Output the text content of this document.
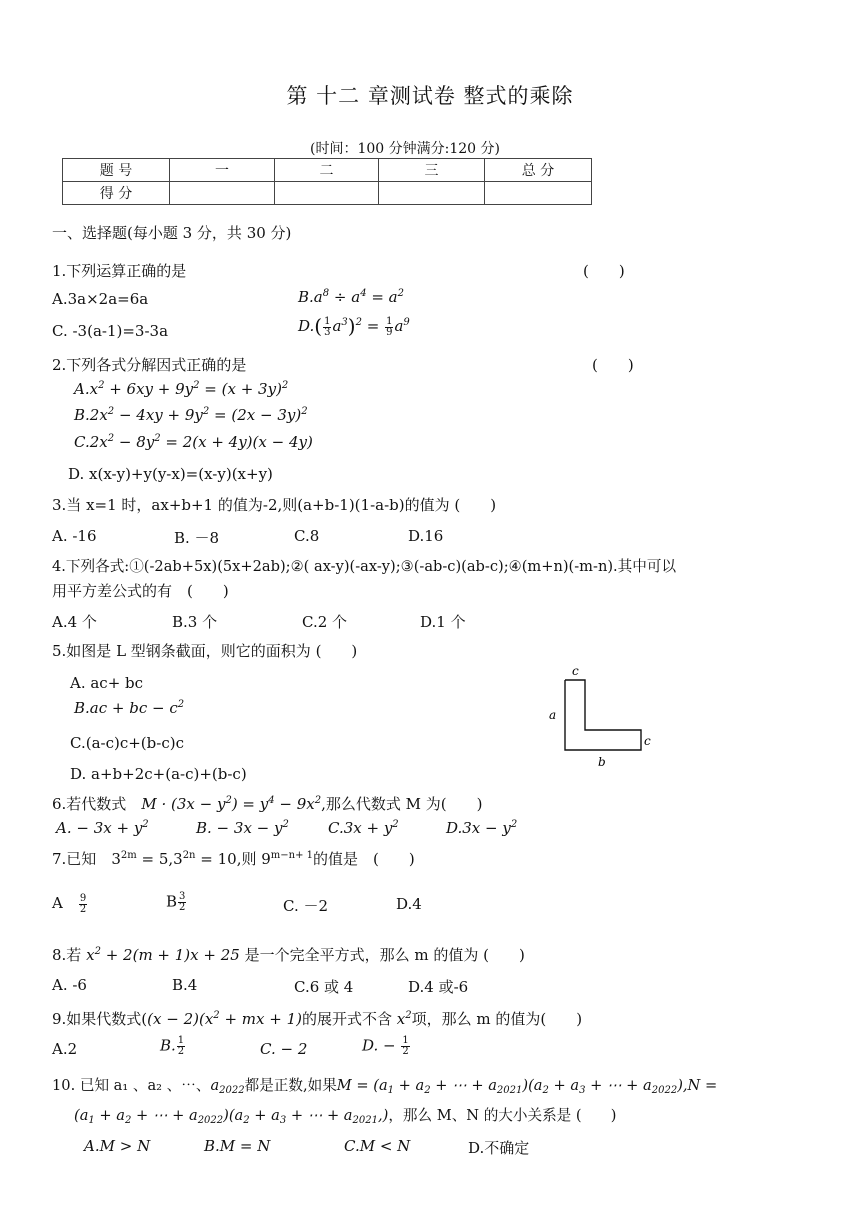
第 十二 章测试卷 整式的乘除
(时间：100 分钟满分:120 分)
题 号	一	二	三	总 分
得 分				
一、选择题(每小题 3 分，共 30 分)
1.下列运算正确的是	(　　)
A.3a×2a=6a	$B.a^8 \div a^4 = a^2$
C. -3(a-1)=3-3a	$D.( \frac{1}{3} a^3)^2 = \frac{1}{9} a^9$
2.下列各式分解因式正确的是	(　　)
$A.x^2 + 6xy + 9y^2 = (x + 3y)^2$
$B.2x^2 - 4xy + 9y^2 = (2x - 3y)^2$
$C.2x^2 - 8y^2 = 2(x + 4y)(x - 4y)$
D. x(x-y)+y(y-x)=(x-y)(x+y)
3.当 x=1 时，ax+b+1 的值为-2,则(a+b-1)(1-a-b)的值为 (　　)
A. -16	B. －8	C.8	D.16
4.下列各式:①(-2ab+5x)(5x+2ab);②( ax-y)(-ax-y);③(-ab-c)(ab-c);④(m+n)(-m-n).其中可以
用平方差公式的有　(　　)
A.4 个	B.3 个	C.2 个	D.1 个
5.如图是 L 型钢条截面，则它的面积为 (　　)
A. ac+ bc
B.ac + bc − $c^2$
C.(a-c)c+(b-c)c
D. a+b+2c+(a-c)+(b-c)
c
a
c
b
6.若代数式　 $M \cdot (3x - y^2) = y^4 - 9x^2$,那么代数式 M 为(　　)
A. − $3x + y^2$	B. − $3x - y^2$	$C.3x + y^2$	$D.3x - y^2$
7.已知　$3^{2m} = 5,3^{2n} = 10$,则 $9^{m-n+ 1}$的值是　(　　)
A　 $\frac{9}{2}$	B $\frac{3}{2}$	C. －2	D.4
8.若 $x^2 + 2(m + 1)x + 25$ 是一个完全平方式，那么 m 的值为 (　　)
A. -6	B.4	C.6 或 4	D.4 或-6
9.如果代数式($(x - 2)(x^2$ + mx + 1)的展开式不含 $x^2$项，那么 m 的值为(　　)
A.2	B. $\frac{1}{2}$	C. − 2	D. − $\frac{1}{2}$
10. 已知 a₁ 、a₂ 、⋯、$a_{2022}$都是正数,如果$M = (a_1 + a_2$ + ⋯ + $a_{2021})(a_2 + a_3$ + ⋯ + $a_{2022}),N$ =
($a_1 + a_2$ + ⋯ + $a_{2022})(a_2 + a_3$ + ⋯ + $a_{2021}$,)，那么 M、N 的大小关系是 (　　)
A.M > N	B.M = N	C.M < N	D.不确定
